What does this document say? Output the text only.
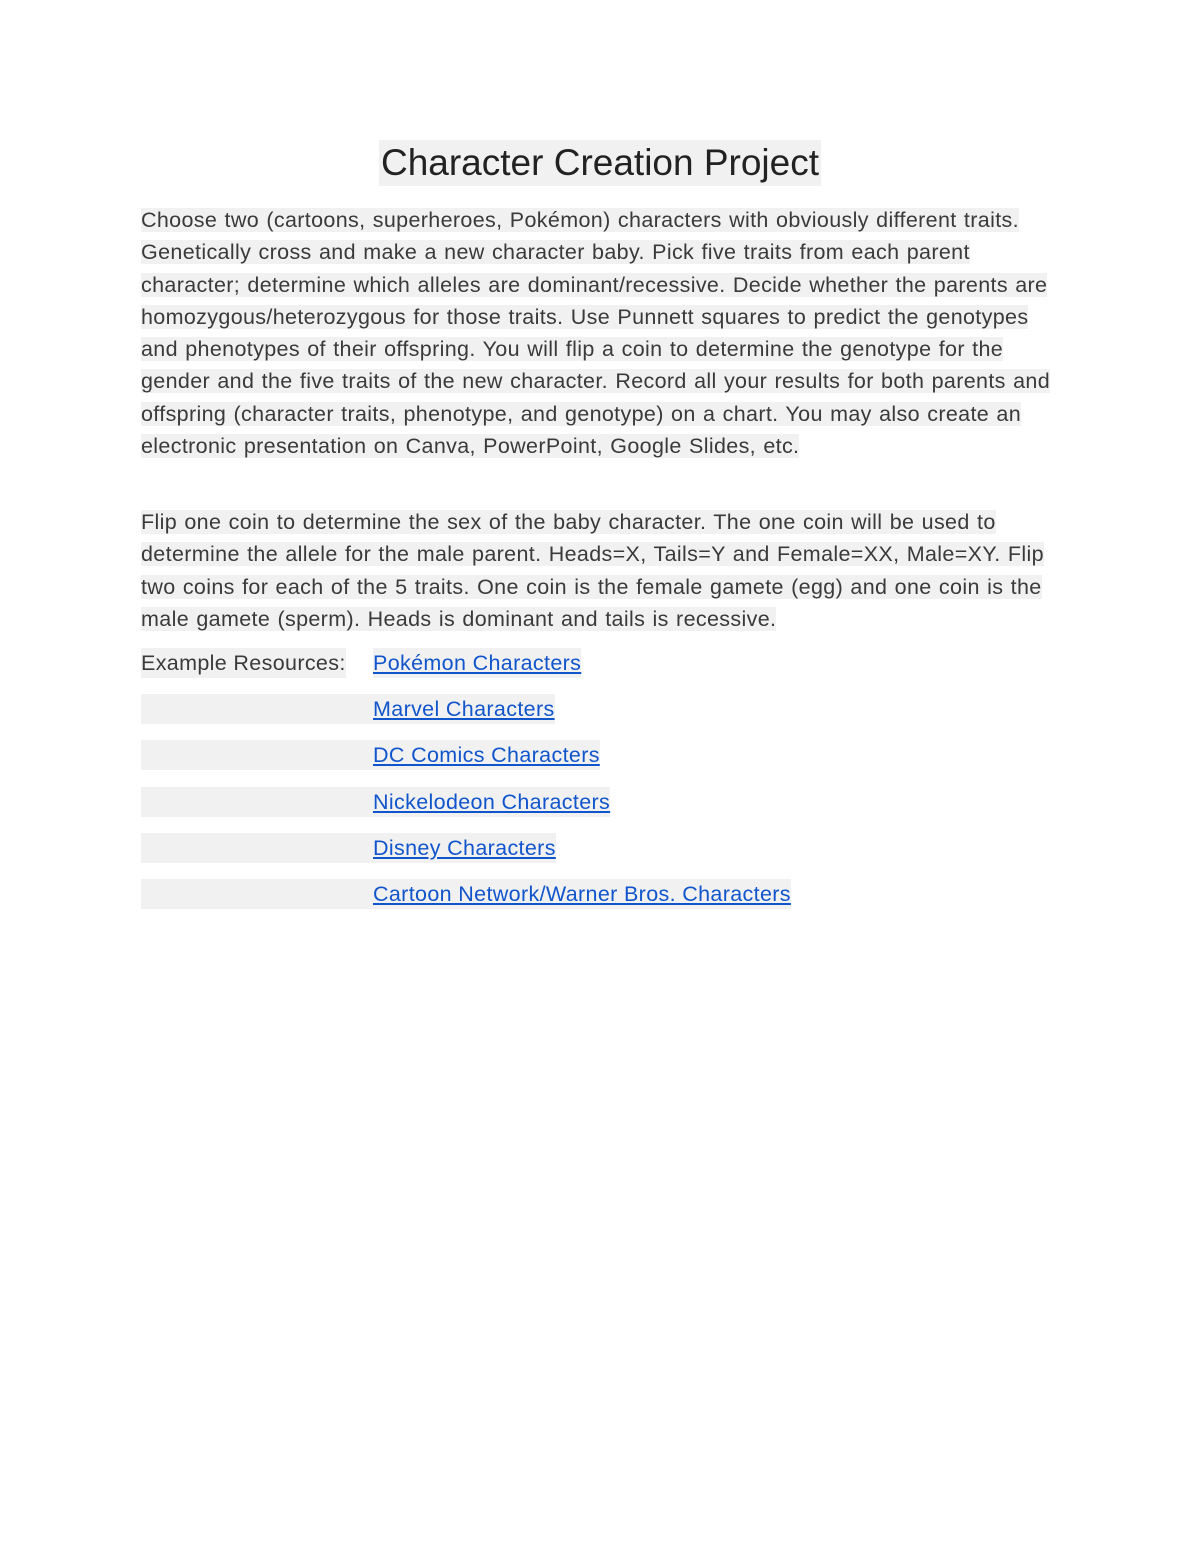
Character Creation Project
Choose two (cartoons, superheroes, Pokémon) characters with obviously different traits. Genetically cross and make a new character baby. Pick five traits from each parent character; determine which alleles are dominant/recessive. Decide whether the parents are homozygous/heterozygous for those traits. Use Punnett squares to predict the genotypes and phenotypes of their offspring. You will flip a coin to determine the genotype for the gender and the five traits of the new character. Record all your results for both parents and offspring (character traits, phenotype, and genotype) on a chart. You may also create an electronic presentation on Canva, PowerPoint, Google Slides, etc.
Flip one coin to determine the sex of the baby character. The one coin will be used to determine the allele for the male parent. Heads=X, Tails=Y and Female=XX, Male=XY. Flip two coins for each of the 5 traits. One coin is the female gamete (egg) and one coin is the male gamete (sperm). Heads is dominant and tails is recessive.
Example Resources: Pokémon Characters
Marvel Characters
DC Comics Characters
Nickelodeon Characters
Disney Characters
Cartoon Network/Warner Bros. Characters
